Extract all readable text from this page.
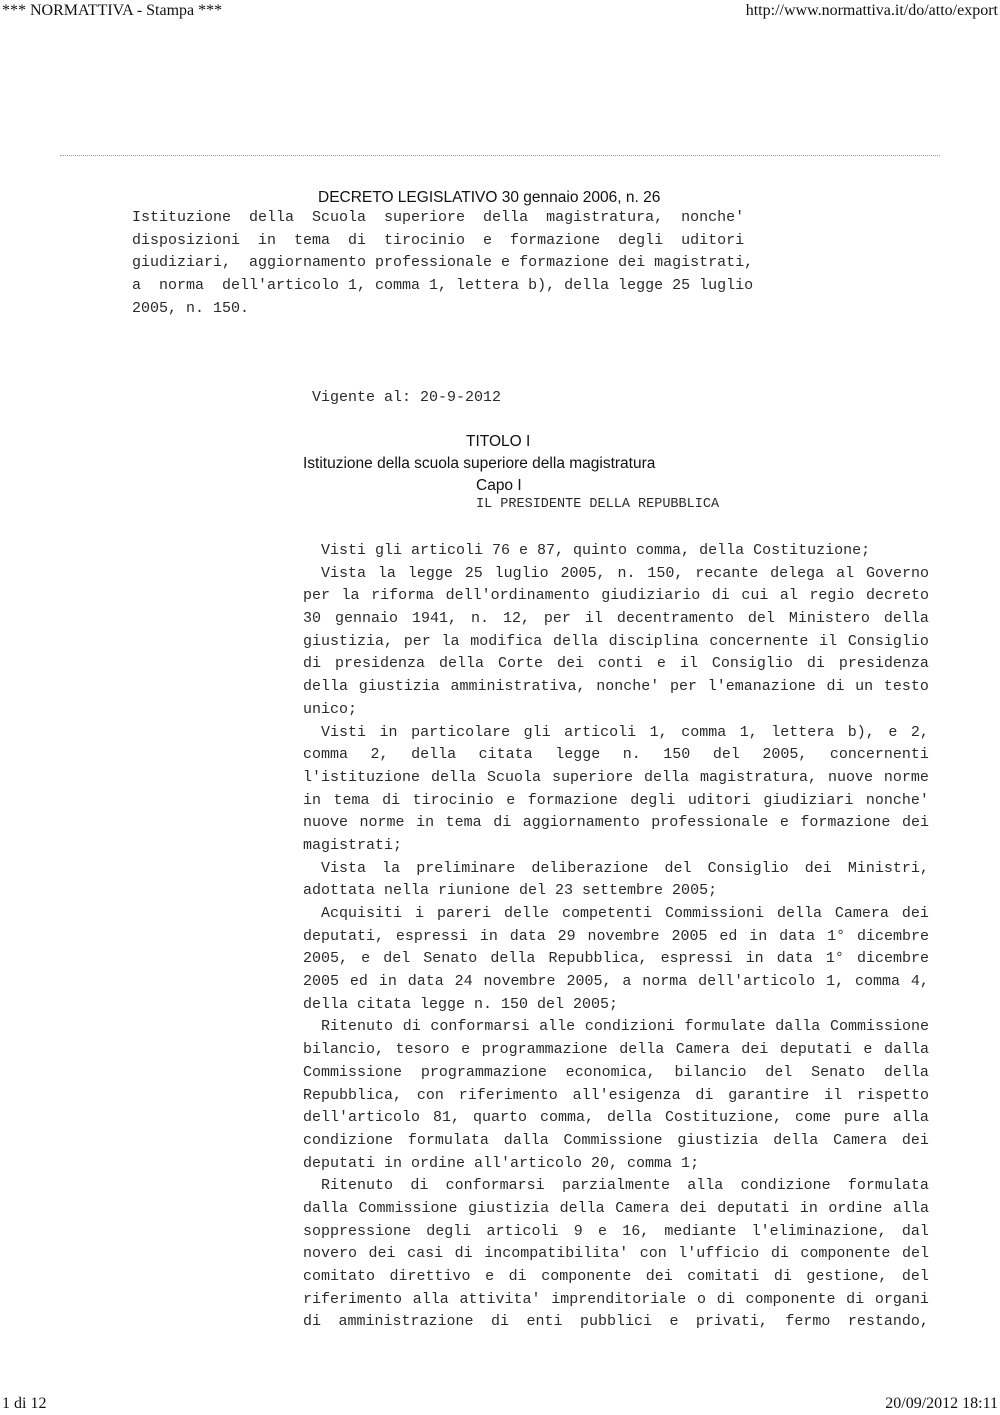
*** NORMATTIVA - Stampa ***	http://www.normattiva.it/do/atto/export
DECRETO LEGISLATIVO 30 gennaio 2006, n. 26
Istituzione  della  Scuola  superiore  della  magistratura,  nonche'
disposizioni  in  tema  di  tirocinio  e  formazione  degli  uditori
giudiziari,  aggiornamento professionale e formazione dei magistrati,
a  norma  dell'articolo 1, comma 1, lettera b), della legge 25 luglio
2005, n. 150.
Vigente al: 20-9-2012
TITOLO I
Istituzione della scuola superiore della magistratura
Capo I
IL PRESIDENTE DELLA REPUBBLICA
Visti gli articoli 76 e 87, quinto comma, della Costituzione;
Vista la legge 25 luglio 2005, n. 150, recante delega al Governo
per la riforma dell'ordinamento giudiziario di cui al regio decreto
30 gennaio 1941, n. 12, per il decentramento del Ministero della
giustizia, per la modifica della disciplina concernente il Consiglio
di presidenza della Corte dei conti e il Consiglio di presidenza
della giustizia amministrativa, nonche' per l'emanazione di un testo
unico;
Visti in particolare gli articoli 1, comma 1, lettera b), e 2,
comma 2, della citata legge n. 150 del 2005, concernenti
l'istituzione della Scuola superiore della magistratura, nuove norme
in tema di tirocinio e formazione degli uditori giudiziari nonche'
nuove norme in tema di aggiornamento professionale e formazione dei
magistrati;
Vista la preliminare deliberazione del Consiglio dei Ministri,
adottata nella riunione del 23 settembre 2005;
Acquisiti i pareri delle competenti Commissioni della Camera dei
deputati, espressi in data 29 novembre 2005 ed in data 1° dicembre
2005, e del Senato della Repubblica, espressi in data 1° dicembre
2005 ed in data 24 novembre 2005, a norma dell'articolo 1, comma 4,
della citata legge n. 150 del 2005;
Ritenuto di conformarsi alle condizioni formulate dalla Commissione
bilancio, tesoro e programmazione della Camera dei deputati e dalla
Commissione programmazione economica, bilancio del Senato della
Repubblica, con riferimento all'esigenza di garantire il rispetto
dell'articolo 81, quarto comma, della Costituzione, come pure alla
condizione formulata dalla Commissione giustizia della Camera dei
deputati in ordine all'articolo 20, comma 1;
Ritenuto di conformarsi parzialmente alla condizione formulata
dalla Commissione giustizia della Camera dei deputati in ordine alla
soppressione degli articoli 9 e 16, mediante l'eliminazione, dal
novero dei casi di incompatibilita' con l'ufficio di componente del
comitato direttivo e di componente dei comitati di gestione, del
riferimento alla attivita' imprenditoriale o di componente di organi
di amministrazione di enti pubblici e privati, fermo restando,
1 di 12	20/09/2012 18:11
